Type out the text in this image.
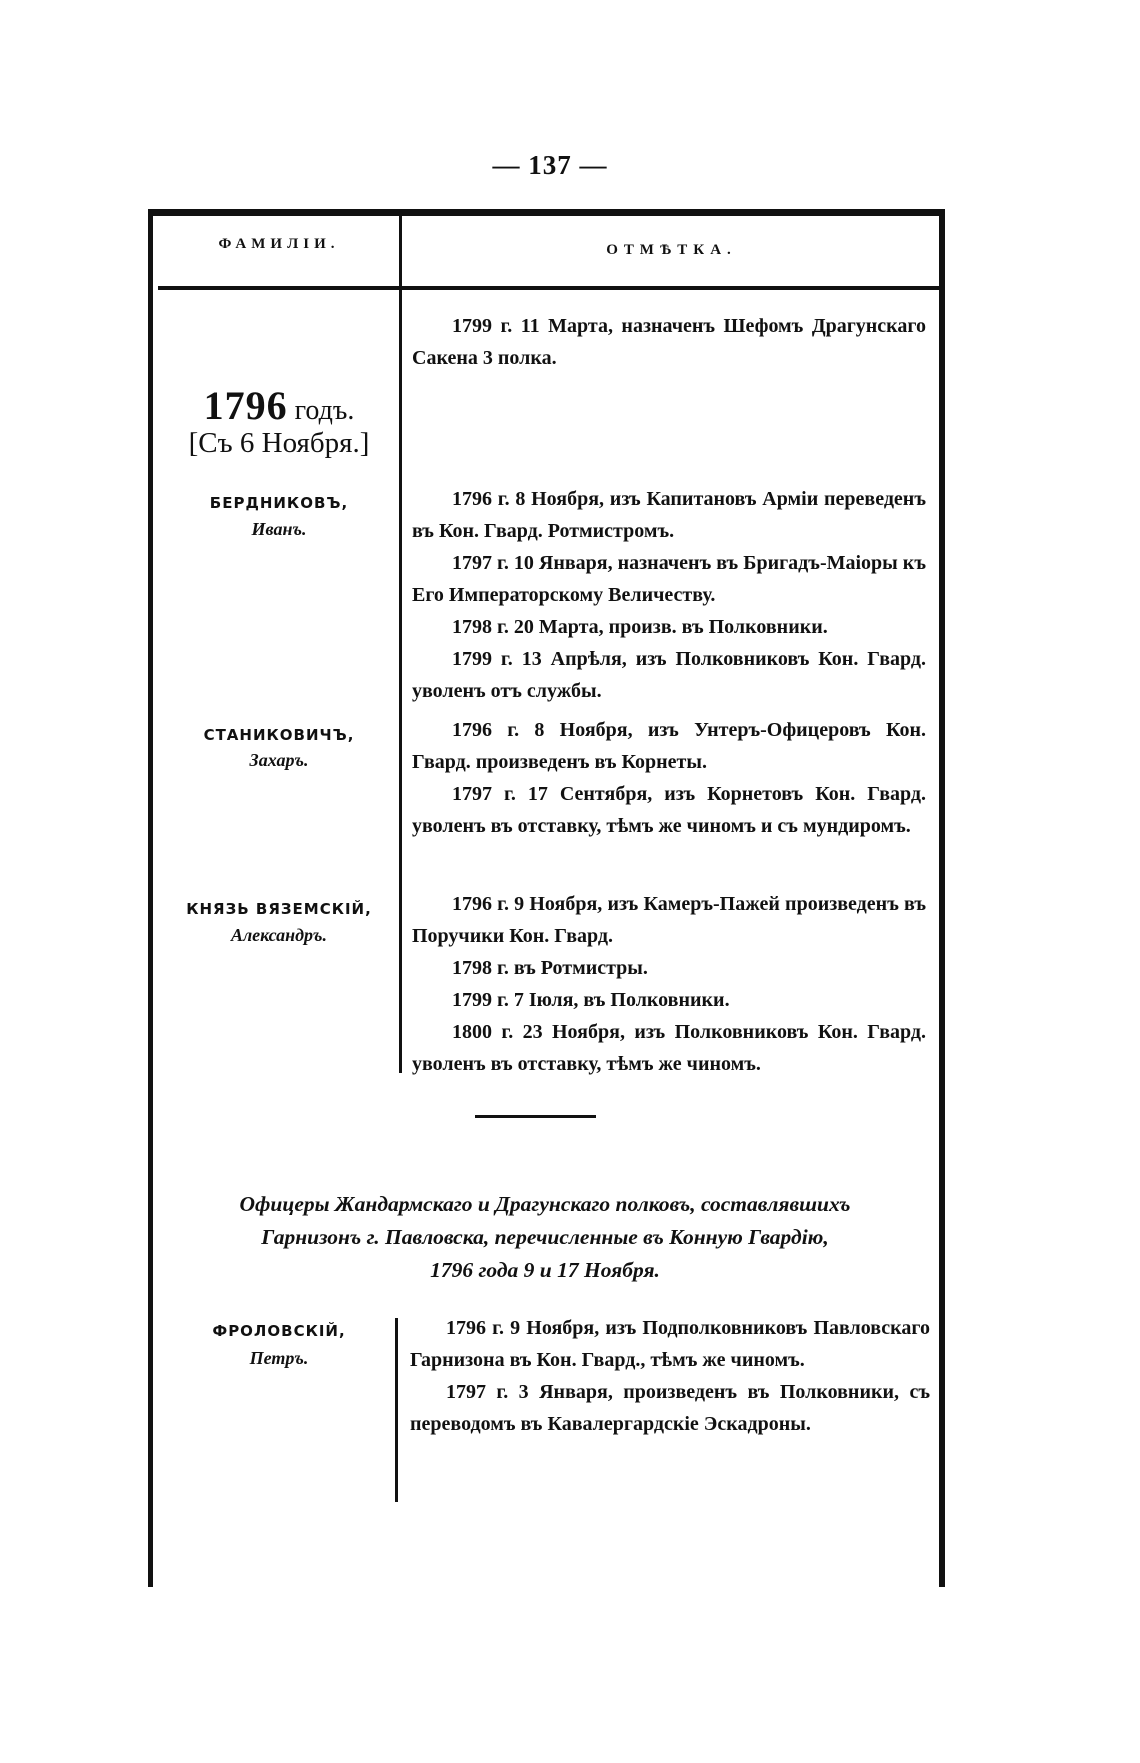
— 137 —
ФАМИЛІИ.	ОТМѢТКА.

1799 г. 11 Марта, назначенъ Шефомъ Драгунскаго Сакена 3 полка.

1796 годъ.
[Съ 6 Ноября.]
БЕРДНИКОВЪ,
Иванъ.

1796 г. 8 Ноября, изъ Капитановъ Арміи переведенъ въ Кон. Гвард. Ротмистромъ.

1797 г. 10 Января, назначенъ въ Бригадъ-Маіоры къ Его Императорскому Величеству.

1798 г. 20 Марта, произв. въ Полковники.

1799 г. 13 Апрѣля, изъ Полковниковъ Кон. Гвард. уволенъ отъ службы.

СТАНИКОВИЧЪ,
Захаръ.

1796 г. 8 Ноября, изъ Унтеръ-Офицеровъ Кон. Гвард. произведенъ въ Корнеты.

1797 г. 17 Сентября, изъ Корнетовъ Кон. Гвард. уволенъ въ отставку, тѣмъ же чиномъ и съ мундиромъ.

КНЯЗЬ ВЯЗЕМСКІЙ,
Александръ.

1796 г. 9 Ноября, изъ Камеръ-Пажей произведенъ въ Поручики Кон. Гвард.

1798 г. въ Ротмистры.

1799 г. 7 Іюля, въ Полковники.

1800 г. 23 Ноября, изъ Полковниковъ Кон. Гвард. уволенъ въ отставку, тѣмъ же чиномъ.

Офицеры Жандармскаго и Драгунскаго полковъ, составлявшихъ
Гарнизонъ г. Павловска, перечисленные въ Конную Гвардію,
1796 года 9 и 17 Ноября.
ФРОЛОВСКІЙ,
Петръ.

1796 г. 9 Ноября, изъ Подполковниковъ Павловскаго Гарнизона въ Кон. Гвард., тѣмъ же чиномъ.

1797 г. 3 Января, произведенъ въ Полковники, съ переводомъ въ Кавалергардскіе Эскадроны.
